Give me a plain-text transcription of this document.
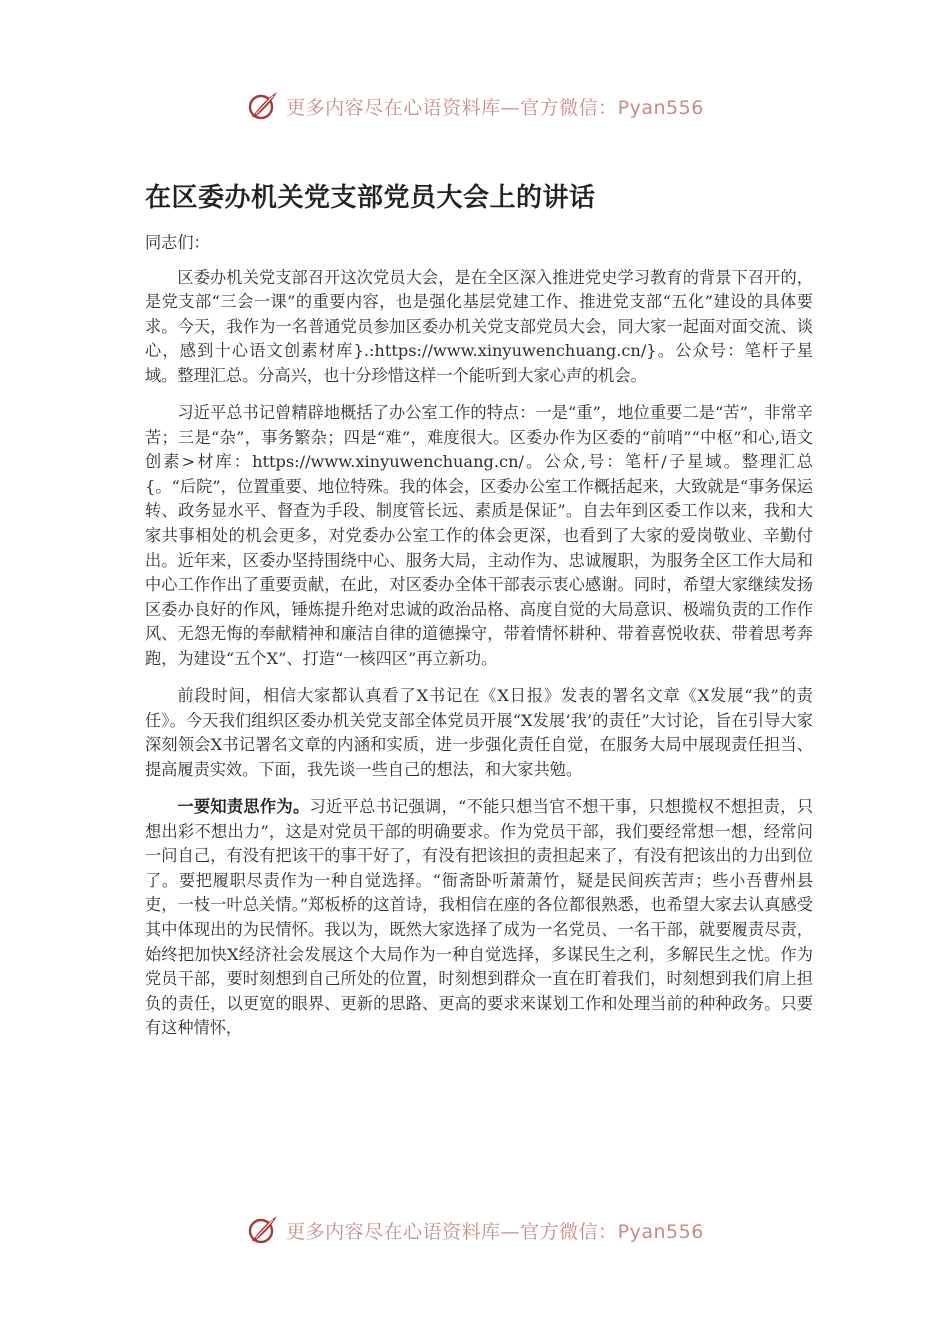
更多内容尽在心语资料库—官方微信：Pyan556
在区委办机关党支部党员大会上的讲话

同志们：

区委办机关党支部召开这次党员大会，是在全区深入推进党史学习教育的背景下召开的，是党支部“三会一课”的重要内容，也是强化基层党建工作、推进党支部“五化”建设的具体要求。今天，我作为一名普通党员参加区委办机关党支部党员大会，同大家一起面对面交流、谈心，感到十心语文创素材库}.:https://www.xinyuwenchuang.cn/}。公众号：笔杆子星域。整理汇总。分高兴，也十分珍惜这样一个能听到大家心声的机会。

习近平总书记曾精辟地概括了办公室工作的特点：一是“重”，地位重要二是“苦”，非常辛苦；三是“杂”，事务繁杂；四是“难”，难度很大。区委办作为区委的“前哨”“中枢”和心,语文创素>材库：https://www.xinyuwenchuang.cn/。公众,号：笔杆/子星域。整理汇总{。“后院”，位置重要、地位特殊。我的体会，区委办公室工作概括起来，大致就是“事务保运转、政务显水平、督查为手段、制度管长远、素质是保证”。自去年到区委工作以来，我和大家共事相处的机会更多，对党委办公室工作的体会更深，也看到了大家的爱岗敬业、辛勤付出。近年来，区委办坚持围绕中心、服务大局，主动作为、忠诚履职，为服务全区工作大局和中心工作作出了重要贡献，在此，对区委办全体干部表示衷心感谢。同时，希望大家继续发扬区委办良好的作风，锤炼提升绝对忠诚的政治品格、高度自觉的大局意识、极端负责的工作作风、无怨无悔的奉献精神和廉洁自律的道德操守，带着情怀耕种、带着喜悦收获、带着思考奔跑，为建设“五个X”、打造“一核四区”再立新功。

前段时间，相信大家都认真看了X书记在《X日报》发表的署名文章《X发展“我”的责任》。今天我们组织区委办机关党支部全体党员开展“X发展‘我’的责任”大讨论，旨在引导大家深刻领会X书记署名文章的内涵和实质，进一步强化责任自觉，在服务大局中展现责任担当、提高履责实效。下面，我先谈一些自己的想法，和大家共勉。

一要知责思作为。习近平总书记强调，“不能只想当官不想干事，只想揽权不想担责，只想出彩不想出力”，这是对党员干部的明确要求。作为党员干部，我们要经常想一想，经常问一问自己，有没有把该干的事干好了，有没有把该担的责担起来了，有没有把该出的力出到位了。要把履职尽责作为一种自觉选择。“衙斋卧听萧萧竹，疑是民间疾苦声；些小吾曹州县吏，一枝一叶总关情。”郑板桥的这首诗，我相信在座的各位都很熟悉，也希望大家去认真感受其中体现出的为民情怀。我以为，既然大家选择了成为一名党员、一名干部，就要履责尽责，始终把加快X经济社会发展这个大局作为一种自觉选择，多谋民生之利，多解民生之忧。作为党员干部，要时刻想到自己所处的位置，时刻想到群众一直在盯着我们，时刻想到我们肩上担负的责任，以更宽的眼界、更新的思路、更高的要求来谋划工作和处理当前的种种政务。只要有这种情怀，

更多内容尽在心语资料库—官方微信：Pyan556
